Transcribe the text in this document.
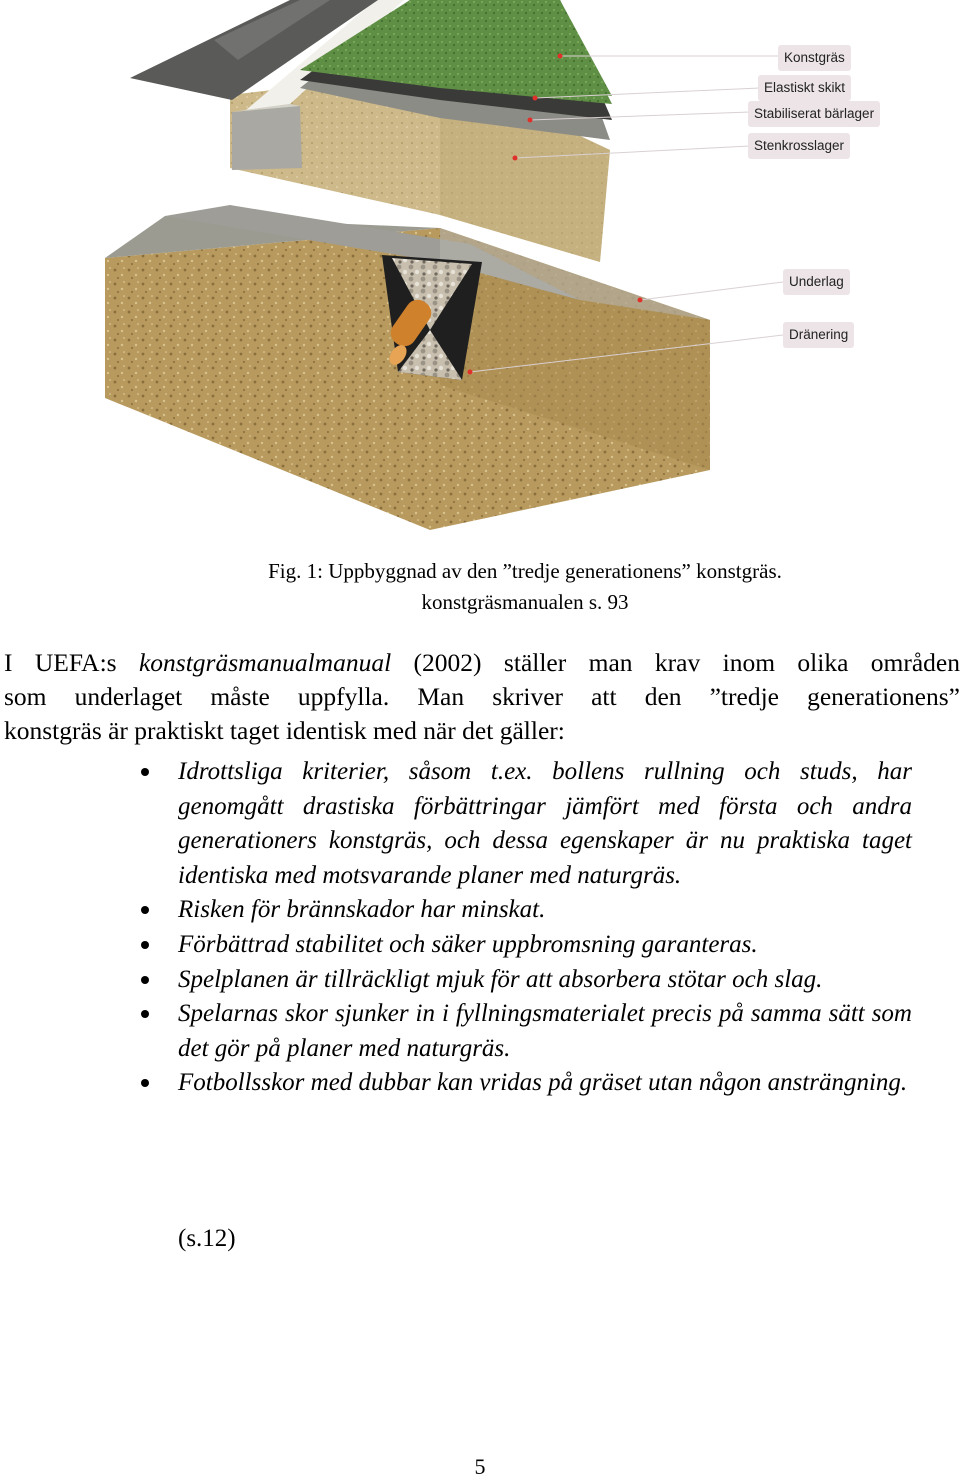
Konstgräs
Elastiskt skikt
Stabiliserat bärlager
Stenkrosslager
Underlag
Dränering
Fig. 1: Uppbyggnad av den ”tredje generationens” konstgräs.
konstgräsmanualen s. 93
I UEFA:s konstgräsmanualmanual (2002) ställer man krav inom olika områden
som underlaget måste uppfylla. Man skriver att den ”tredje generationens”
konstgräs är praktiskt taget identisk med när det gäller:
Idrottsliga kriterier, såsom t.ex. bollens rullning och studs, har genomgått drastiska förbättringar jämfört med första och andra generationers konstgräs, och dessa egenskaper är nu praktiska taget identiska med motsvarande planer med naturgräs.
Risken för brännskador har minskat.
Förbättrad stabilitet och säker uppbromsning garanteras.
Spelplanen är tillräckligt mjuk för att absorbera stötar och slag.
Spelarnas skor sjunker in i fyllningsmaterialet precis på samma sätt som det gör på planer med naturgräs.
Fotbollsskor med dubbar kan vridas på gräset utan någon ansträngning.
(s.12)
5
